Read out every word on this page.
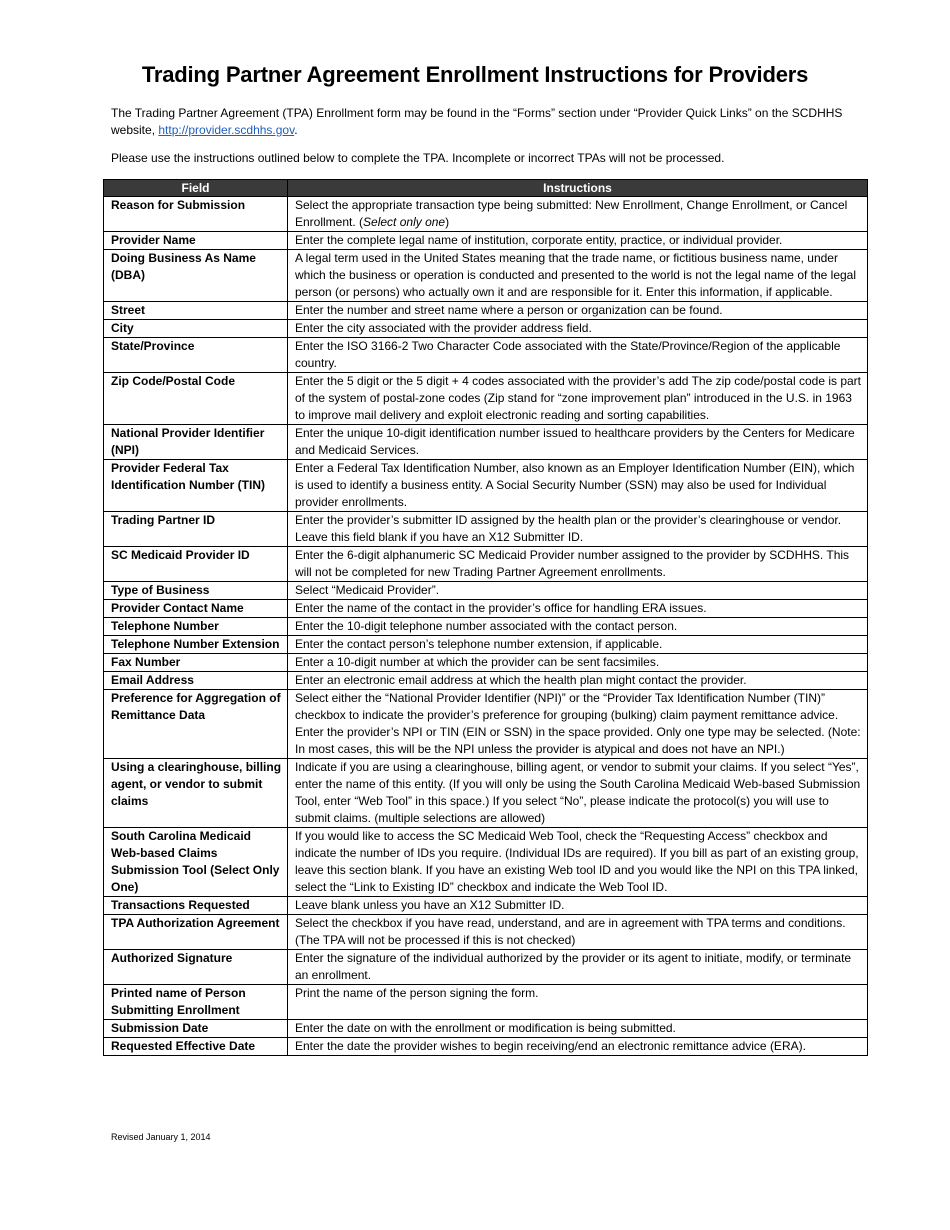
Trading Partner Agreement Enrollment Instructions for Providers

The Trading Partner Agreement (TPA) Enrollment form may be found in the “Forms” section under “Provider Quick Links” on the SCDHHS website, http://provider.scdhhs.gov.

Please use the instructions outlined below to complete the TPA. Incomplete or incorrect TPAs will not be processed.
Field	Instructions
Reason for Submission	Select the appropriate transaction type being submitted: New Enrollment, Change Enrollment, or Cancel Enrollment. (Select only one)
Provider Name	Enter the complete legal name of institution, corporate entity, practice, or individual provider.
Doing Business As Name (DBA)	A legal term used in the United States meaning that the trade name, or fictitious business name, under which the business or operation is conducted and presented to the world is not the legal name of the legal person (or persons) who actually own it and are responsible for it. Enter this information, if applicable.
Street	Enter the number and street name where a person or organization can be found.
City	Enter the city associated with the provider address field.
State/Province	Enter the ISO 3166-2 Two Character Code associated with the State/Province/Region of the applicable country.
Zip Code/Postal Code	Enter the 5 digit or the 5 digit + 4 codes associated with the provider’s add The zip code/postal code is part of the system of postal-zone codes (Zip stand for “zone improvement plan” introduced in the U.S. in 1963 to improve mail delivery and exploit electronic reading and sorting capabilities.
National Provider Identifier (NPI)	Enter the unique 10-digit identification number issued to healthcare providers by the Centers for Medicare and Medicaid Services.
Provider Federal Tax Identification Number (TIN)	Enter a Federal Tax Identification Number, also known as an Employer Identification Number (EIN), which is used to identify a business entity. A Social Security Number (SSN) may also be used for Individual provider enrollments.
Trading Partner ID	Enter the provider’s submitter ID assigned by the health plan or the provider’s clearinghouse or vendor. Leave this field blank if you have an X12 Submitter ID.
SC Medicaid Provider ID	Enter the 6-digit alphanumeric SC Medicaid Provider number assigned to the provider by SCDHHS. This will not be completed for new Trading Partner Agreement enrollments.
Type of Business	Select “Medicaid Provider”.
Provider Contact Name	Enter the name of the contact in the provider’s office for handling ERA issues.
Telephone Number	Enter the 10-digit telephone number associated with the contact person.
Telephone Number Extension	Enter the contact person’s telephone number extension, if applicable.
Fax Number	Enter a 10-digit number at which the provider can be sent facsimiles.
Email Address	Enter an electronic email address at which the health plan might contact the provider.
Preference for Aggregation of Remittance Data	Select either the “National Provider Identifier (NPI)” or the “Provider Tax Identification Number (TIN)” checkbox to indicate the provider’s preference for grouping (bulking) claim payment remittance advice. Enter the provider’s NPI or TIN (EIN or SSN) in the space provided. Only one type may be selected. (Note: In most cases, this will be the NPI unless the provider is atypical and does not have an NPI.)
Using a clearinghouse, billing agent, or vendor to submit claims	Indicate if you are using a clearinghouse, billing agent, or vendor to submit your claims. If you select “Yes”, enter the name of this entity. (If you will only be using the South Carolina Medicaid Web-based Submission Tool, enter “Web Tool” in this space.) If you select “No”, please indicate the protocol(s) you will use to submit claims. (multiple selections are allowed)
South Carolina Medicaid Web-based Claims Submission Tool (Select Only One)	If you would like to access the SC Medicaid Web Tool, check the “Requesting Access” checkbox and indicate the number of IDs you require. (Individual IDs are required). If you bill as part of an existing group, leave this section blank. If you have an existing Web tool ID and you would like the NPI on this TPA linked, select the “Link to Existing ID” checkbox and indicate the Web Tool ID.
Transactions Requested	Leave blank unless you have an X12 Submitter ID.
TPA Authorization Agreement	Select the checkbox if you have read, understand, and are in agreement with TPA terms and conditions. (The TPA will not be processed if this is not checked)
Authorized Signature	Enter the signature of the individual authorized by the provider or its agent to initiate, modify, or terminate an enrollment.
Printed name of Person Submitting Enrollment	Print the name of the person signing the form.
Submission Date	Enter the date on with the enrollment or modification is being submitted.
Requested Effective Date	Enter the date the provider wishes to begin receiving/end an electronic remittance advice (ERA).
Revised January 1, 2014
